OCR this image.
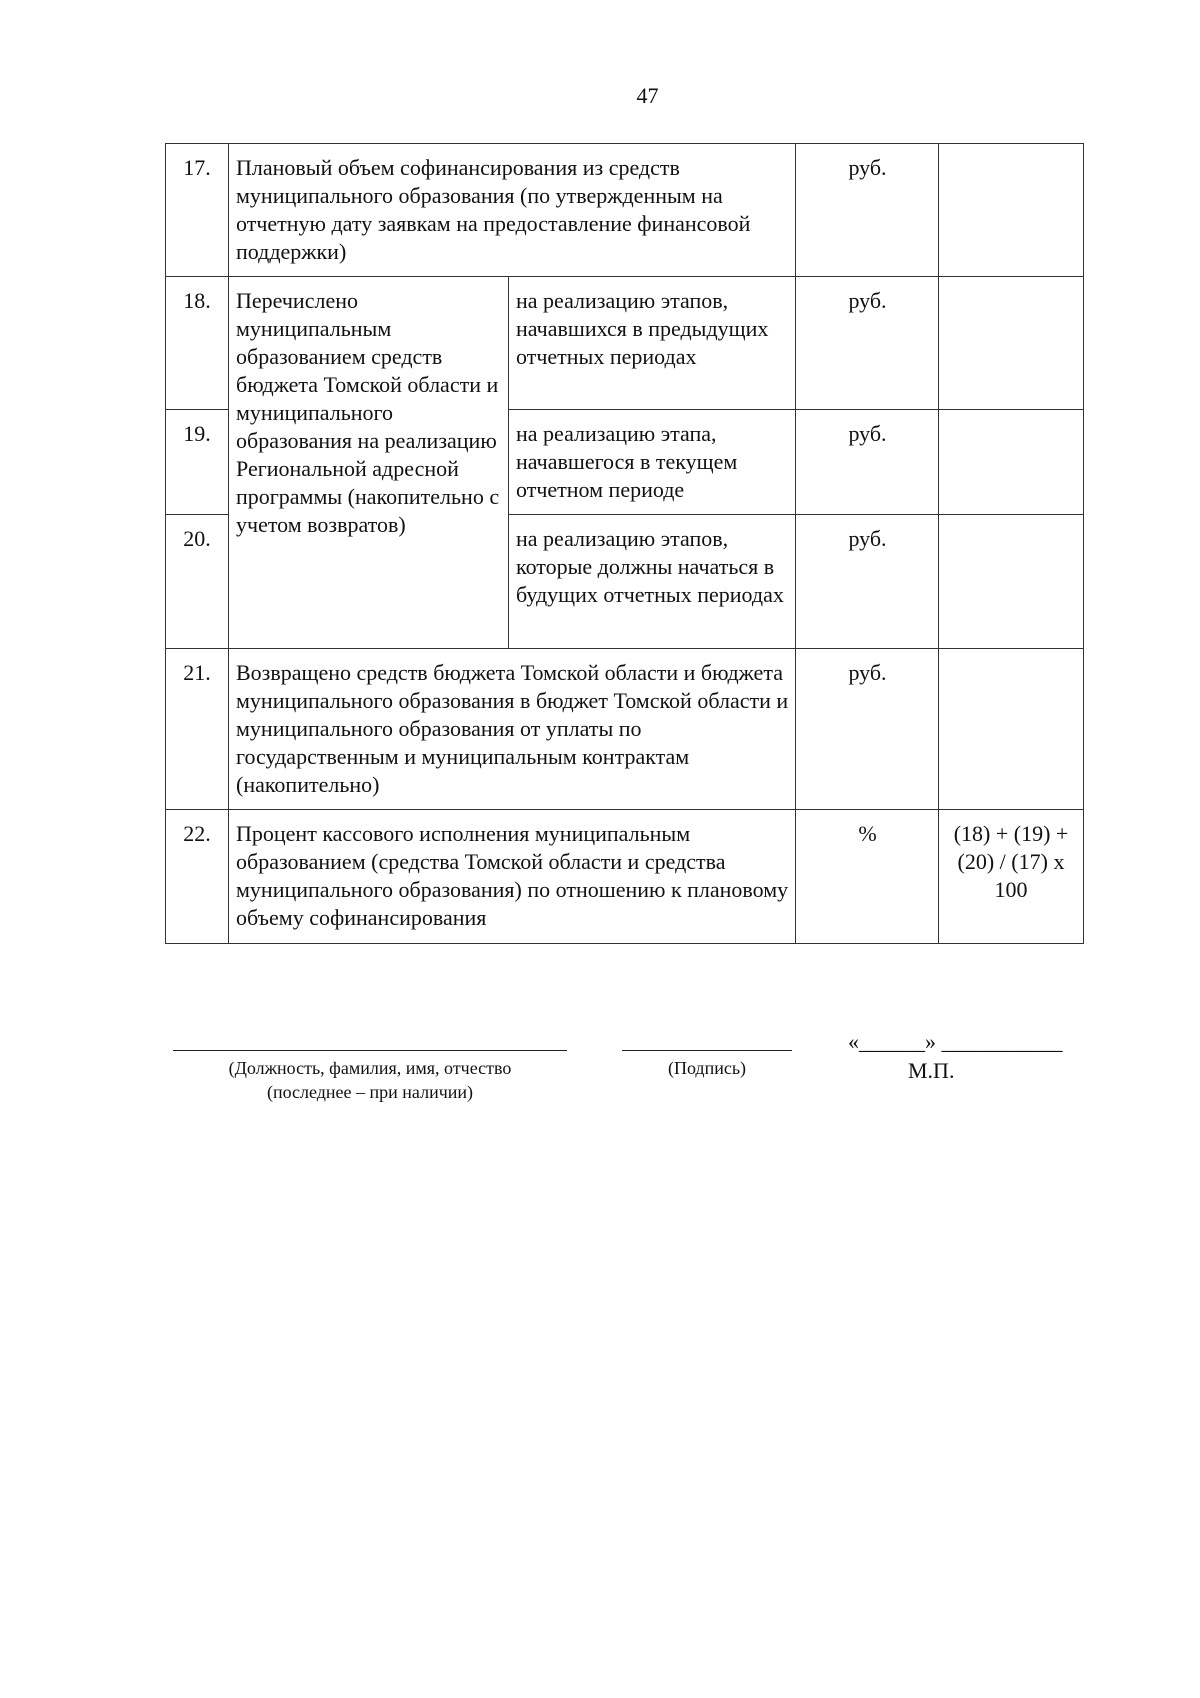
47
17.	Плановый объем софинансирования из средств муниципального образования (по утвержденным на отчетную дату заявкам на предоставление финансовой поддержки)		руб.	
18.	Перечислено муниципальным образованием средств бюджета Томской области и муниципального образования на реализацию Региональной адресной программы (накопительно с учетом возвратов)	на реализацию этапов, начавшихся в предыдущих отчетных периодах	руб.	
19.		на реализацию этапа, начавшегося в текущем отчетном периоде	руб.	
20.		на реализацию этапов, которые должны начаться в будущих отчетных периодах	руб.	
21.	Возвращено средств бюджета Томской области и бюджета муниципального образования в бюджет Томской области и муниципального образования от уплаты по государственным и муниципальным контрактам (накопительно)		руб.	
22.	Процент кассового исполнения муниципальным образованием (средства Томской области и средства муниципального образования) по отношению к плановому объему софинансирования		%	(18) + (19) + (20) / (17) x 100
(Должность, фамилия, имя, отчество
(последнее – при наличии)
(Подпись)
«______» ___________
М.П.
